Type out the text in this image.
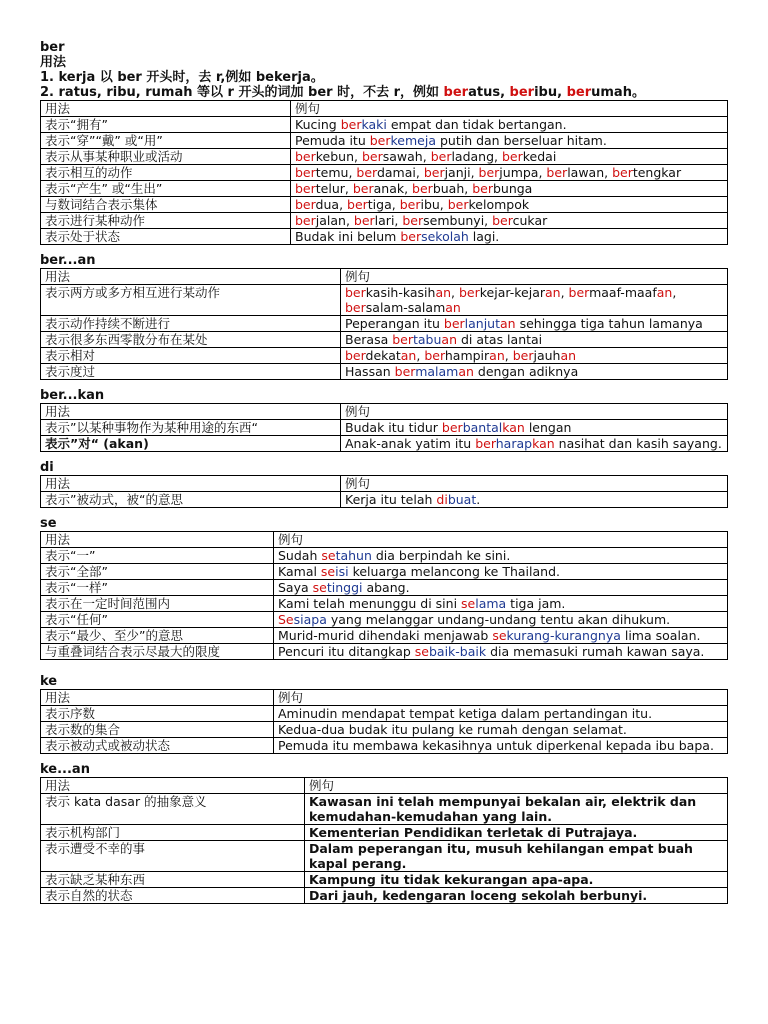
ber

用法

1. kerja 以 ber 开头时，去 r,例如 bekerja。

2. ratus, ribu, rumah 等以 r 开头的词加 ber 时，不去 r，例如 beratus, beribu, berumah。

用法	例句
表示“拥有”	Kucing berkaki empat dan tidak bertangan.
表示“穿”“戴” 或“用”	Pemuda itu berkemeja putih dan berseluar hitam.
表示从事某种职业或活动	berkebun, bersawah, berladang, berkedai
表示相互的动作	bertemu, berdamai, berjanji, berjumpa, berlawan, bertengkar
表示“产生” 或“生出”	bertelur, beranak, berbuah, berbunga
与数词结合表示集体	berdua, bertiga, beribu, berkelompok
表示进行某种动作	berjalan, berlari, bersembunyi, bercukar
表示处于状态	Budak ini belum bersekolah lagi.

ber...an

用法	例句
表示两方或多方相互进行某动作	berkasih-kasihan, berkejar-kejaran, bermaaf-maafan, bersalam-salaman
表示动作持续不断进行	Peperangan itu berlanjutan sehingga tiga tahun lamanya
表示很多东西零散分布在某处	Berasa bertabuan di atas lantai
表示相对	berdekatan, berhampiran, berjauhan
表示度过	Hassan bermalaman dengan adiknya

ber...kan

用法	例句
表示”以某种事物作为某种用途的东西“	Budak itu tidur berbantalkan lengan
表示”对“ (akan)	Anak-anak yatim itu berharapkan nasihat dan kasih sayang.

di

用法	例句
表示”被动式，被“的意思	Kerja itu telah dibuat.

se

用法	例句
表示“一”	Sudah setahun dia berpindah ke sini.
表示“全部”	Kamal seisi keluarga melancong ke Thailand.
表示“一样”	Saya setinggi abang.
表示在一定时间范围内	Kami telah menunggu di sini selama tiga jam.
表示“任何”	Sesiapa yang melanggar undang-undang tentu akan dihukum.
表示“最少、至少”的意思	Murid-murid dihendaki menjawab sekurang-kurangnya lima soalan.
与重叠词结合表示尽最大的限度	Pencuri itu ditangkap sebaik-baik dia memasuki rumah kawan saya.

ke

用法	例句
表示序数	Aminudin mendapat tempat ketiga dalam pertandingan itu.
表示数的集合	Kedua-dua budak itu pulang ke rumah dengan selamat.
表示被动式或被动状态	Pemuda itu membawa kekasihnya untuk diperkenal kepada ibu bapa.

ke...an

用法	例句
表示 kata dasar 的抽象意义	Kawasan ini telah mempunyai bekalan air, elektrik dan kemudahan-kemudahan yang lain.
表示机构部门	Kementerian Pendidikan terletak di Putrajaya.
表示遭受不幸的事	Dalam peperangan itu, musuh kehilangan empat buah kapal perang.
表示缺乏某种东西	Kampung itu tidak kekurangan apa-apa.
表示自然的状态	Dari jauh, kedengaran loceng sekolah berbunyi.
